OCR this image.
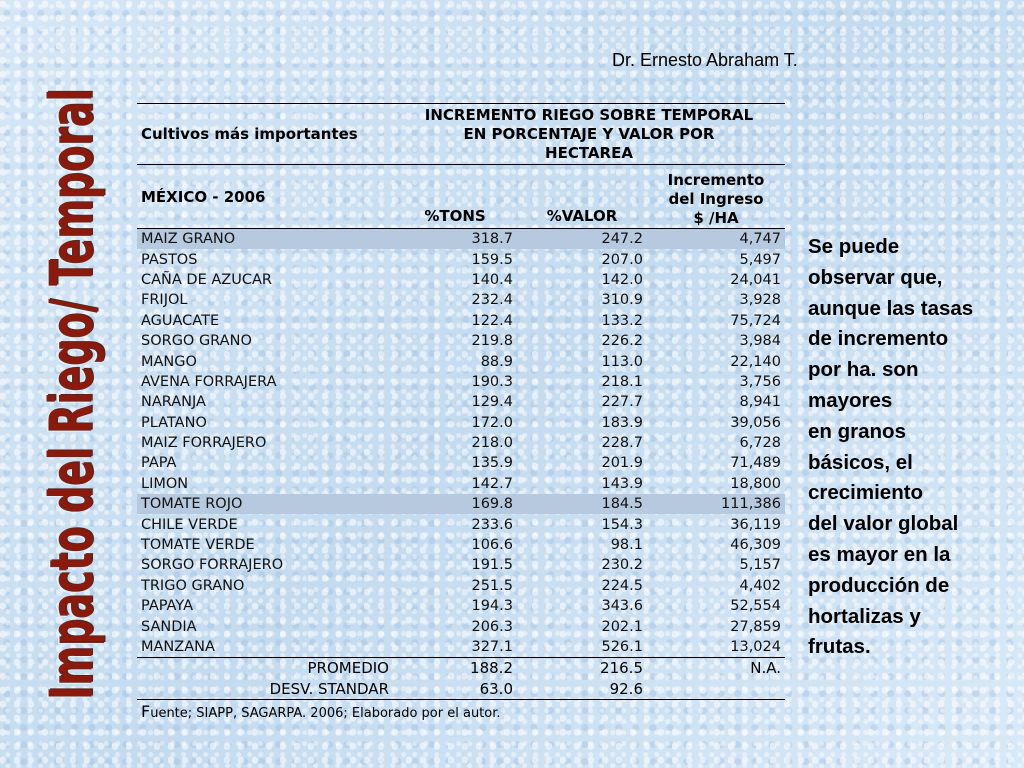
Impacto del Riego/ Temporal
Dr. Ernesto Abraham T.
Cultivos más importantes	INCREMENTO RIEGO SOBRE TEMPORAL
EN PORCENTAJE Y VALOR POR
HECTAREA		

MÉXICO - 2006	%TONS	%VALOR	Incremento
del Ingreso
$ /HA

MAIZ GRANO	318.7	247.2	4,747
PASTOS	159.5	207.0	5,497
CAÑA DE AZUCAR	140.4	142.0	24,041
FRIJOL	232.4	310.9	3,928
AGUACATE	122.4	133.2	75,724
SORGO GRANO	219.8	226.2	3,984
MANGO	88.9	113.0	22,140
AVENA FORRAJERA	190.3	218.1	3,756
NARANJA	129.4	227.7	8,941
PLATANO	172.0	183.9	39,056
MAIZ FORRAJERO	218.0	228.7	6,728
PAPA	135.9	201.9	71,489
LIMON	142.7	143.9	18,800
TOMATE ROJO	169.8	184.5	111,386
CHILE VERDE	233.6	154.3	36,119
TOMATE VERDE	106.6	98.1	46,309
SORGO FORRAJERO	191.5	230.2	5,157
TRIGO GRANO	251.5	224.5	4,402
PAPAYA	194.3	343.6	52,554
SANDIA	206.3	202.1	27,859
MANZANA	327.1	526.1	13,024
PROMEDIO	188.2	216.5	N.A.
DESV. STANDAR	63.0	92.6	
Fuente; SIAPP, SAGARPA. 2006; Elaborado por el autor.
Se puede
observar que,
aunque las tasas
de incremento
por ha. son
mayores
en granos
básicos, el
crecimiento
del valor global
es mayor en la
producción de
hortalizas y
frutas.
